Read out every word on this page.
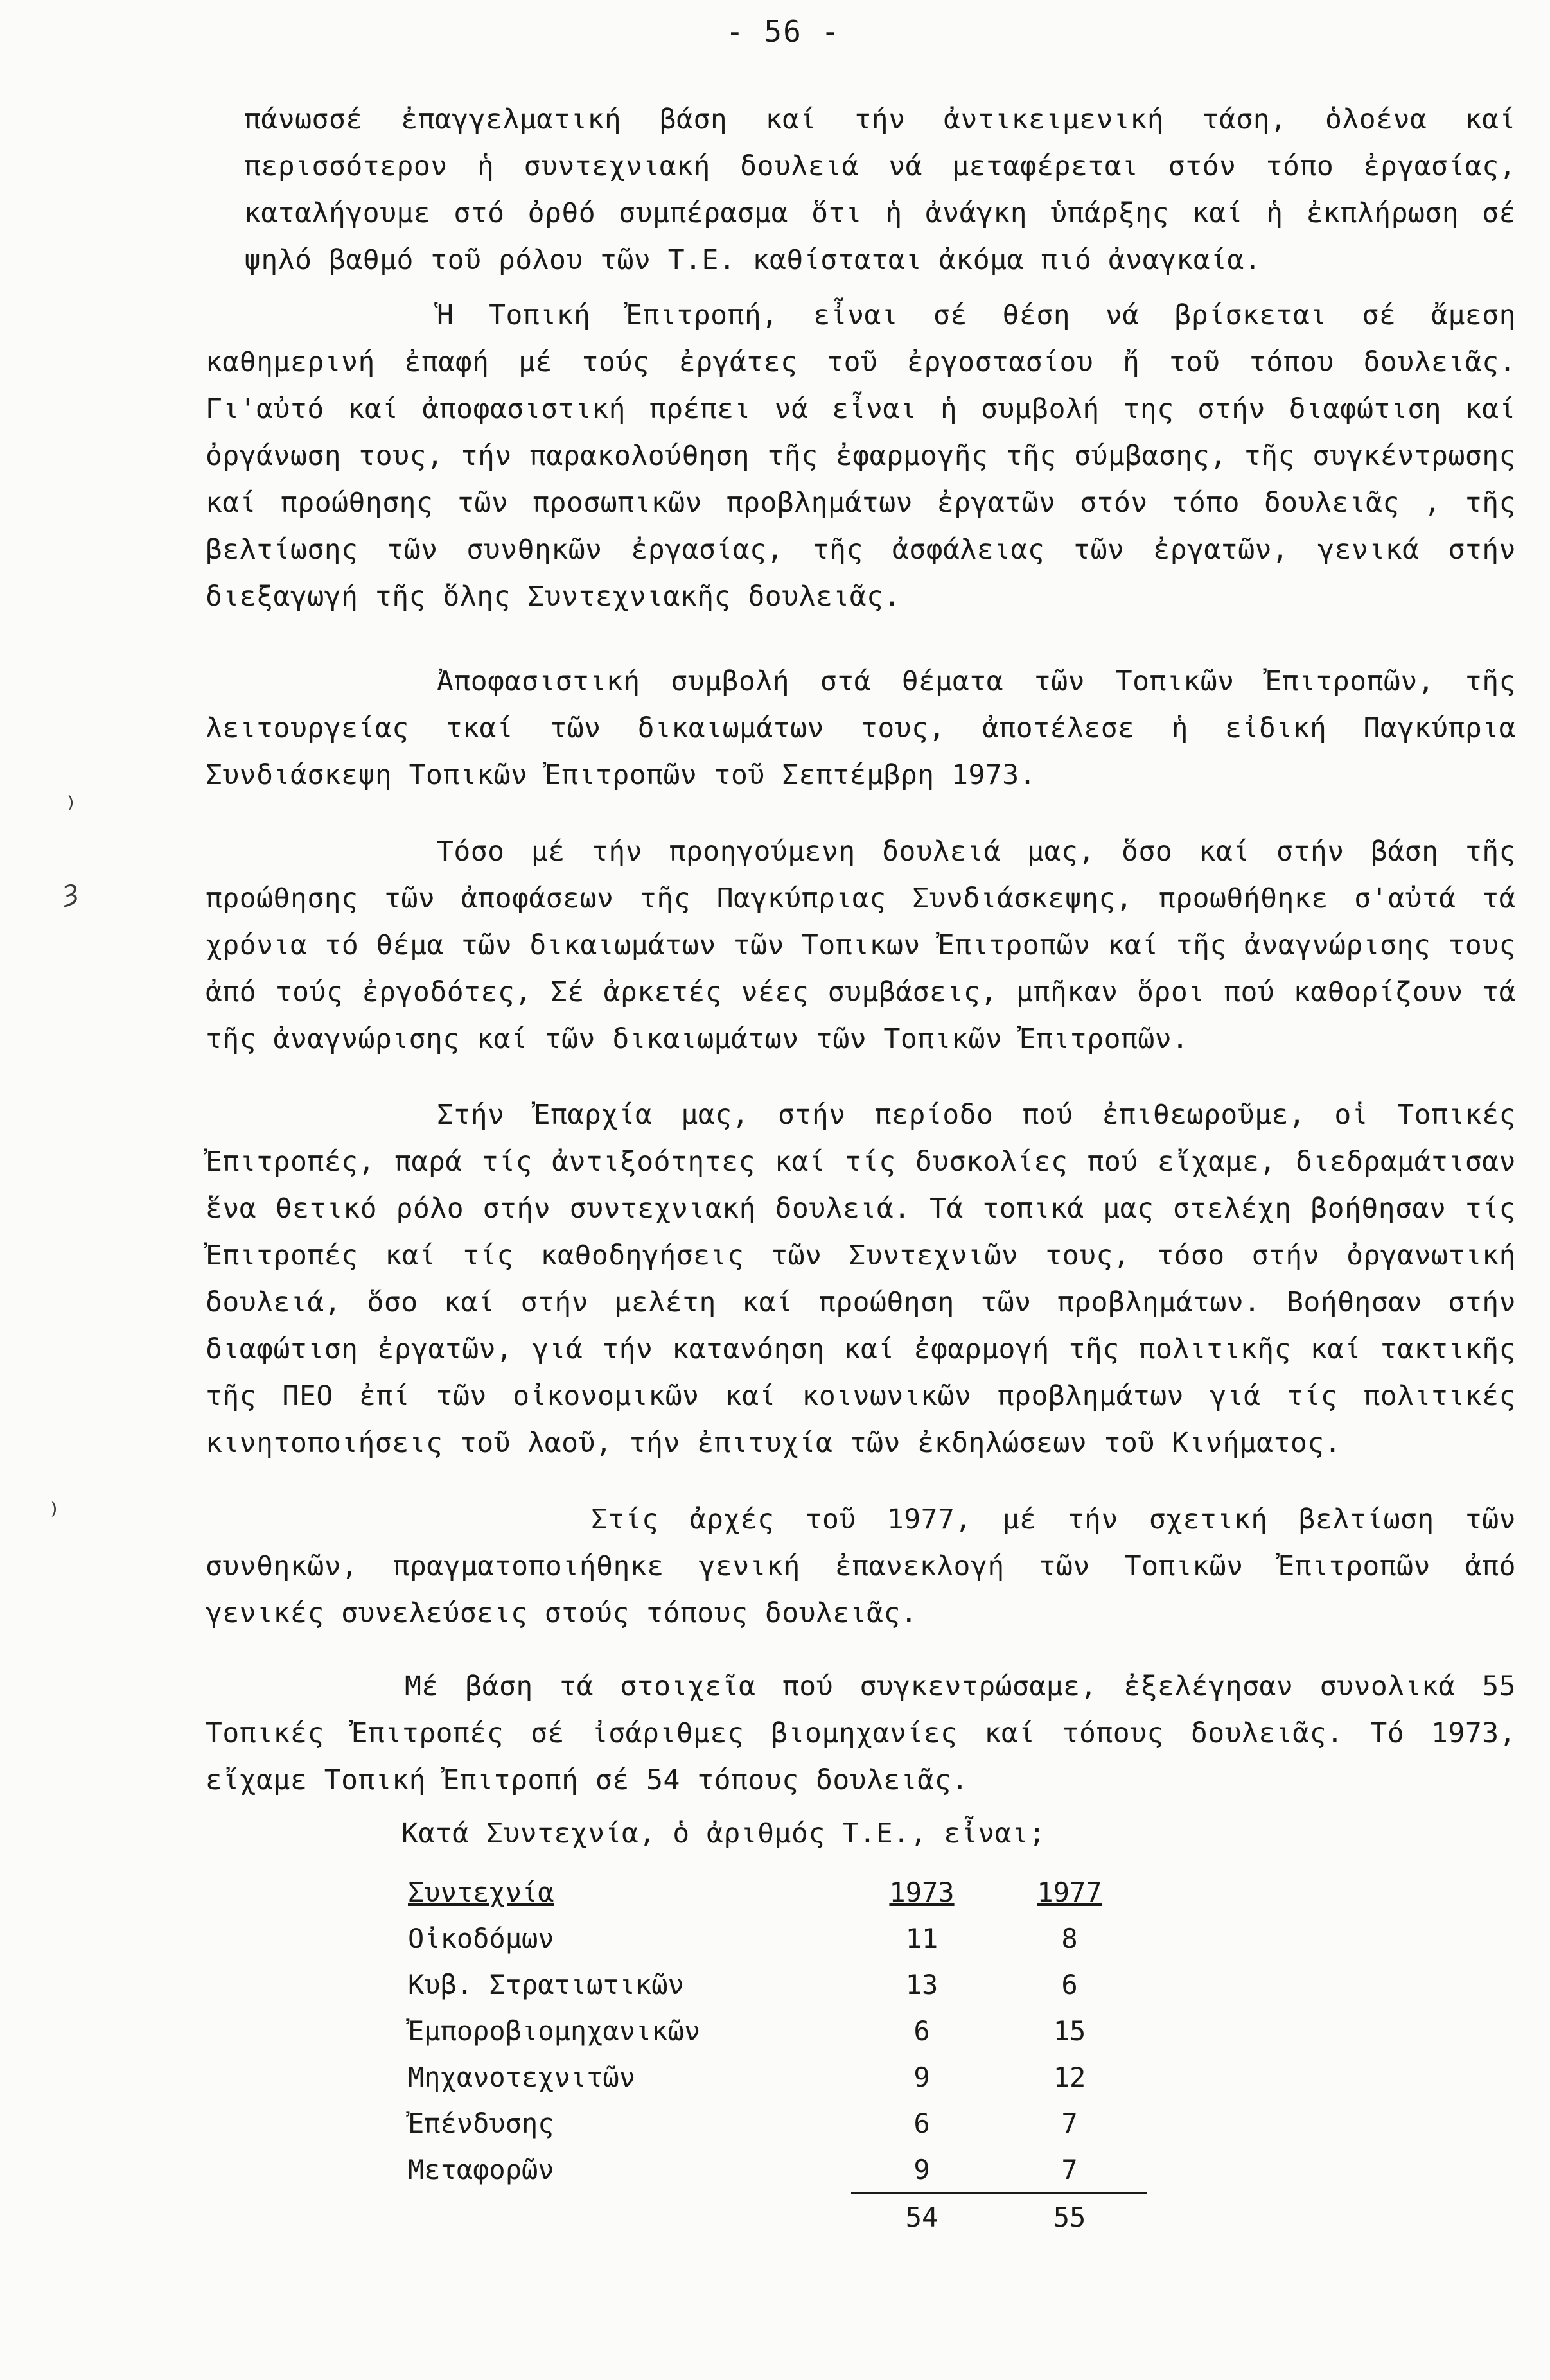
- 56 -
πάνωσσέ ἐπαγγελματική βάση καί τήν ἀντικειμενική τάση, ὁλοένα καί περισσότερον ἡ συντεχνιακή δουλειά νά μεταφέρεται στόν τόπο ἐργασίας, καταλήγουμε στό ὀρθό συμπέρασμα ὅτι ἡ ἀνάγκη ὑπάρξης καί ἡ ἐκπλήρωση σέ ψηλό βαθμό τοῦ ρόλου τῶν Τ.Ε. καθίσταται ἀκόμα πιό ἀναγκαία.
Ἡ Τοπική Ἐπιτροπή, εἶναι σέ θέση νά βρίσκεται σέ ἄμεση καθημερινή ἐπαφή μέ τούς ἐργάτες τοῦ ἐργοστασίου ἤ τοῦ τόπου δουλειᾶς. Γι'αὐτό καί ἀποφασιστική πρέπει νά εἶναι ἡ συμβολή της στήν διαφώτιση καί ὀργάνωση τους, τήν παρακολούθηση τῆς ἐφαρμογῆς τῆς σύμβασης, τῆς συγκέντρωσης καί προώθησης τῶν προσωπικῶν προβλημάτων ἐργατῶν στόν τόπο δουλειᾶς , τῆς βελτίωσης τῶν συνθηκῶν ἐργασίας, τῆς ἀσφάλειας τῶν ἐργατῶν, γενικά στήν διεξαγωγή τῆς ὅλης Συντεχνιακῆς δουλειᾶς.
Ἀποφασιστική συμβολή στά θέματα τῶν Τοπικῶν Ἐπιτροπῶν, τῆς λειτουργείας τκαί τῶν δικαιωμάτων τους, ἀποτέλεσε ἡ εἰδική Παγκύπρια Συνδιάσκεψη Τοπικῶν Ἐπιτροπῶν τοῦ Σεπτέμβρη 1973.
Τόσο μέ τήν προηγούμενη δουλειά μας, ὅσο καί στήν βάση τῆς προώθησης τῶν ἀποφάσεων τῆς Παγκύπριας Συνδιάσκεψης, προωθήθηκε σ'αὐτά τά χρόνια τό θέμα τῶν δικαιωμάτων τῶν Τοπικων Ἐπιτροπῶν καί τῆς ἀναγνώρισης τους ἀπό τούς ἐργοδότες, Σέ ἀρκετές νέες συμβάσεις, μπῆκαν ὅροι πού καθορίζουν τά τῆς ἀναγνώρισης καί τῶν δικαιωμάτων τῶν Τοπικῶν Ἐπιτροπῶν.
Στήν Ἐπαρχία μας, στήν περίοδο πού ἐπιθεωροῦμε, οἱ Τοπικές Ἐπιτροπές, παρά τίς ἀντιξοότητες καί τίς δυσκολίες πού εἴχαμε, διεδραμάτισαν ἕνα θετικό ρόλο στήν συντεχνιακή δουλειά. Τά τοπικά μας στελέχη βοήθησαν τίς Ἐπιτροπές καί τίς καθοδηγήσεις τῶν Συντεχνιῶν τους, τόσο στήν ὀργανωτική δουλειά, ὅσο καί στήν μελέτη καί προώθηση τῶν προβλημάτων. Βοήθησαν στήν διαφώτιση ἐργατῶν, γιά τήν κατανόηση καί ἐφαρμογή τῆς πολιτικῆς καί τακτικῆς τῆς ΠΕΟ ἐπί τῶν οἰκονομικῶν καί κοινωνικῶν προβλημάτων γιά τίς πολιτικές κινητοποιήσεις τοῦ λαοῦ, τήν ἐπιτυχία τῶν ἐκδηλώσεων τοῦ Κινήματος.
Στίς ἀρχές τοῦ 1977, μέ τήν σχετική βελτίωση τῶν συνθηκῶν, πραγματοποιήθηκε γενική ἐπανεκλογή τῶν Τοπικῶν Ἐπιτροπῶν ἀπό γενικές συνελεύσεις στούς τόπους δουλειᾶς.
Μέ βάση τά στοιχεῖα πού συγκεντρώσαμε, ἐξελέγησαν συνολικά 55 Τοπικές Ἐπιτροπές σέ ἰσάριθμες βιομηχανίες καί τόπους δουλειᾶς. Τό 1973, εἴχαμε Τοπική Ἐπιτροπή σέ 54 τόπους δουλειᾶς.
Κατά Συντεχνία, ὁ ἀριθμός Τ.Ε., εἶναι;
Συντεχνία	1973	1977
Οἰκοδόμων	11	8
Κυβ. Στρατιωτικῶν	13	6
Ἐμποροβιομηχανικῶν	6	15
Μηχανοτεχνιτῶν	9	12
Ἐπένδυσης	6	7
Μεταφορῶν	9	7
	54	55
⁾
ȝ
⁾
